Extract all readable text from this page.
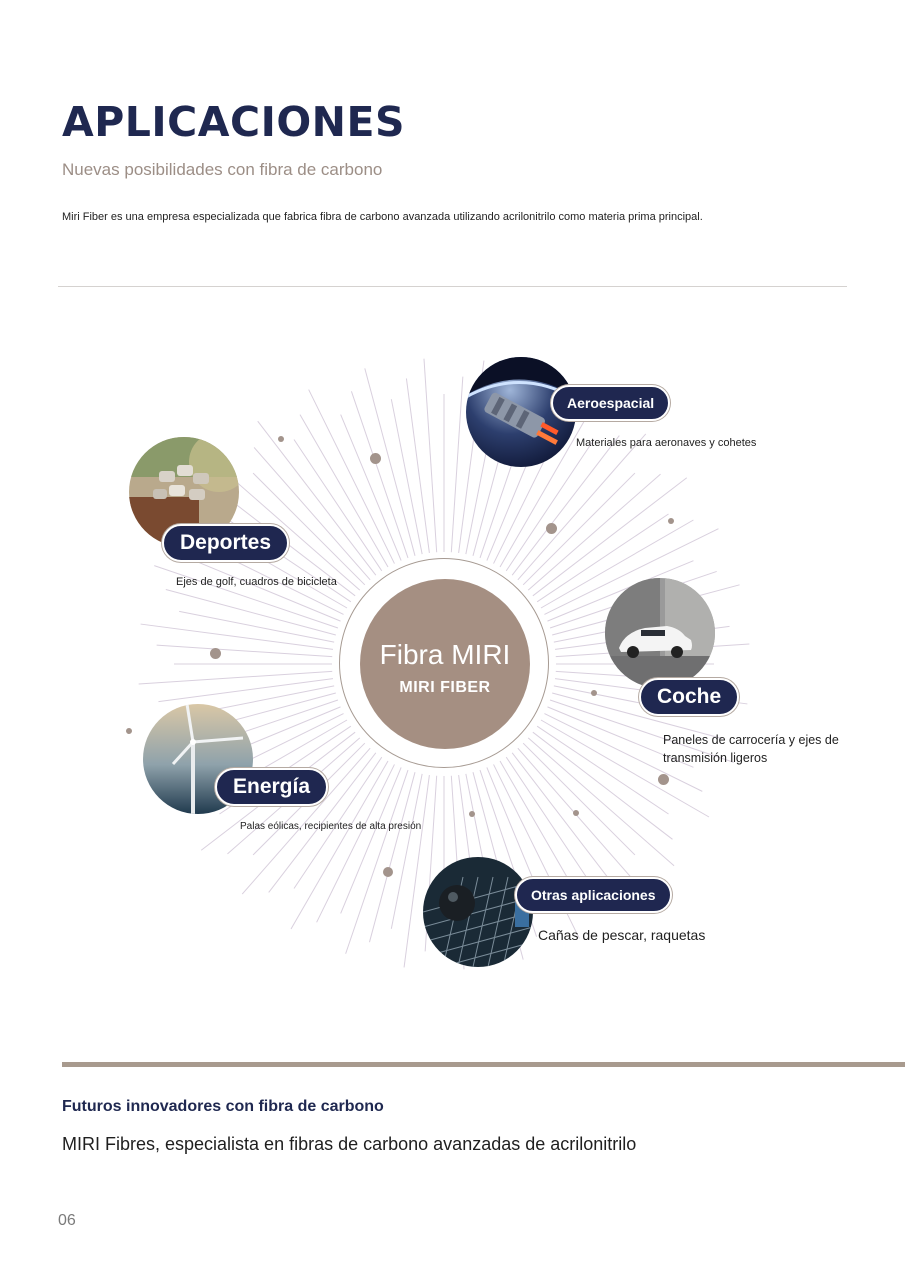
APLICACIONES
Nuevas posibilidades con fibra de carbono
Miri Fiber es una empresa especializada que fabrica fibra de carbono avanzada utilizando acrilonitrilo como materia prima principal.
Fibra MIRI
MIRI FIBER
Aeroespacial
Materiales para aeronaves y cohetes
Deportes
Ejes de golf, cuadros de bicicleta
Coche
Paneles de carrocería y ejes de transmisión ligeros
Energía
Palas eólicas, recipientes de alta presión
Otras aplicaciones
Cañas de pescar, raquetas
Futuros innovadores con fibra de carbono
MIRI Fibres, especialista en fibras de carbono avanzadas de acrilonitrilo
06
